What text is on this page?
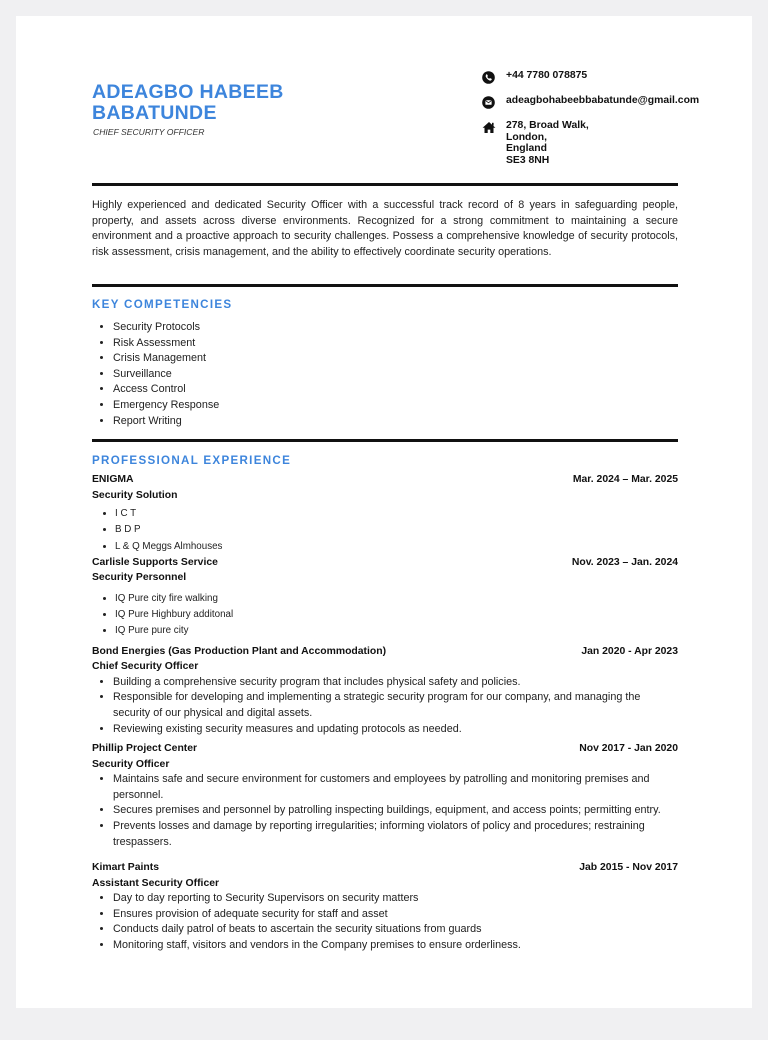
ADEAGBO HABEEB BABATUNDE
CHIEF SECURITY OFFICER
+44 7780 078875
adeagbohabeebbabatunde@gmail.com
278, Broad Walk,
London,
England
SE3 8NH
Highly experienced and dedicated Security Officer with a successful track record of 8 years in safeguarding people, property, and assets across diverse environments. Recognized for a strong commitment to maintaining a secure environment and a proactive approach to security challenges. Possess a comprehensive knowledge of security protocols, risk assessment, crisis management, and the ability to effectively coordinate security operations.
KEY COMPETENCIES
• Security Protocols
• Risk Assessment
• Crisis Management
• Surveillance
• Access Control
• Emergency Response
• Report Writing
PROFESSIONAL EXPERIENCE
ENIGMA	Mar. 2024 – Mar. 2025
Security Solution
• I C T
• B D P
• L & Q Meggs Almhouses
Carlisle Supports Service	Nov. 2023 – Jan. 2024
Security Personnel
• IQ Pure city fire walking
• IQ Pure Highbury additonal
• IQ Pure pure city
Bond Energies (Gas Production Plant and Accommodation)	Jan 2020 - Apr 2023
Chief Security Officer
• Building a comprehensive security program that includes physical safety and policies.
• Responsible for developing and implementing a strategic security program for our company, and managing the security of our physical and digital assets.
• Reviewing existing security measures and updating protocols as needed.
Phillip Project Center	Nov 2017 - Jan 2020
Security Officer
• Maintains safe and secure environment for customers and employees by patrolling and monitoring premises and personnel.
• Secures premises and personnel by patrolling inspecting buildings, equipment, and access points; permitting entry.
• Prevents losses and damage by reporting irregularities; informing violators of policy and procedures; restraining trespassers.
Kimart Paints	Jab 2015 - Nov 2017
Assistant Security Officer
• Day to day reporting to Security Supervisors on security matters
• Ensures provision of adequate security for staff and asset
• Conducts daily patrol of beats to ascertain the security situations from guards
• Monitoring staff, visitors and vendors in the Company premises to ensure orderliness.
